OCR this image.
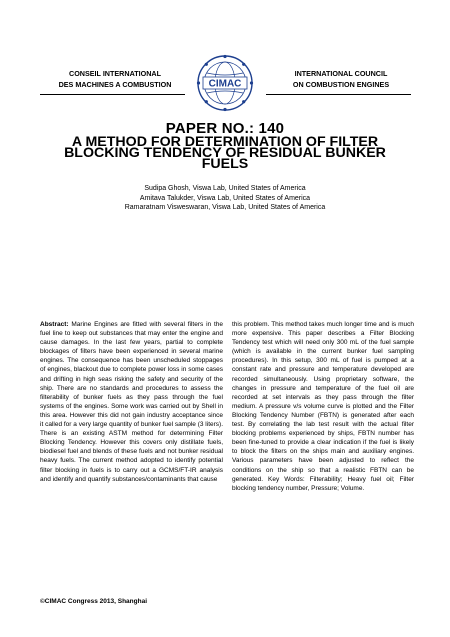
CONSEIL INTERNATIONAL
DES MACHINES A COMBUSTION	CIMAC
INTERNATIONAL COUNCIL
ON COMBUSTION ENGINES
PAPER NO.: 140
A METHOD FOR DETERMINATION OF FILTER BLOCKING TENDENCY OF RESIDUAL BUNKER FUELS
Sudipa Ghosh, Viswa Lab, United States of America
Amitava Talukder, Viswa Lab, United States of America
Ramaratnam Visweswaran, Viswa Lab, United States of America

Abstract: Marine Engines are fitted with several filters in the fuel line to keep out substances that may enter the engine and cause damages. In the last few years, partial to complete blockages of filters have been experienced in several marine engines. The consequence has been unscheduled stoppages of engines, blackout due to complete power loss in some cases and drifting in high seas risking the safety and security of the ship. There are no standards and procedures to assess the filterability of bunker fuels as they pass through the fuel systems of the engines. Some work was carried out by Shell in this area. However this did not gain industry acceptance since it called for a very large quantity of bunker fuel sample (3 liters). There is an existing ASTM method for determining Filter Blocking Tendency. However this covers only distillate fuels, biodiesel fuel and blends of these fuels and not bunker residual heavy fuels. The current method adopted to identify potential filter blocking in fuels is to carry out a GCMS/FT-IR analysis and identify and quantify substances/contaminants that cause

this problem. This method takes much longer time and is much more expensive. This paper describes a Filter Blocking Tendency test which will need only 300 mL of the fuel sample (which is available in the current bunker fuel sampling procedures). In this setup, 300 mL of fuel is pumped at a constant rate and pressure and temperature developed are recorded simultaneously. Using proprietary software, the changes in pressure and temperature of the fuel oil are recorded at set intervals as they pass through the filter medium. A pressure v/s volume curve is plotted and the Filter Blocking Tendency Number (FBTN) is generated after each test. By correlating the lab test result with the actual filter blocking problems experienced by ships, FBTN number has been fine-tuned to provide a clear indication if the fuel is likely to block the filters on the ships main and auxiliary engines. Various parameters have been adjusted to reflect the conditions on the ship so that a realistic FBTN can be generated. Key Words: Filterability; Heavy fuel oil; Filter blocking tendency number, Pressure; Volume.

©CIMAC Congress 2013, Shanghai
